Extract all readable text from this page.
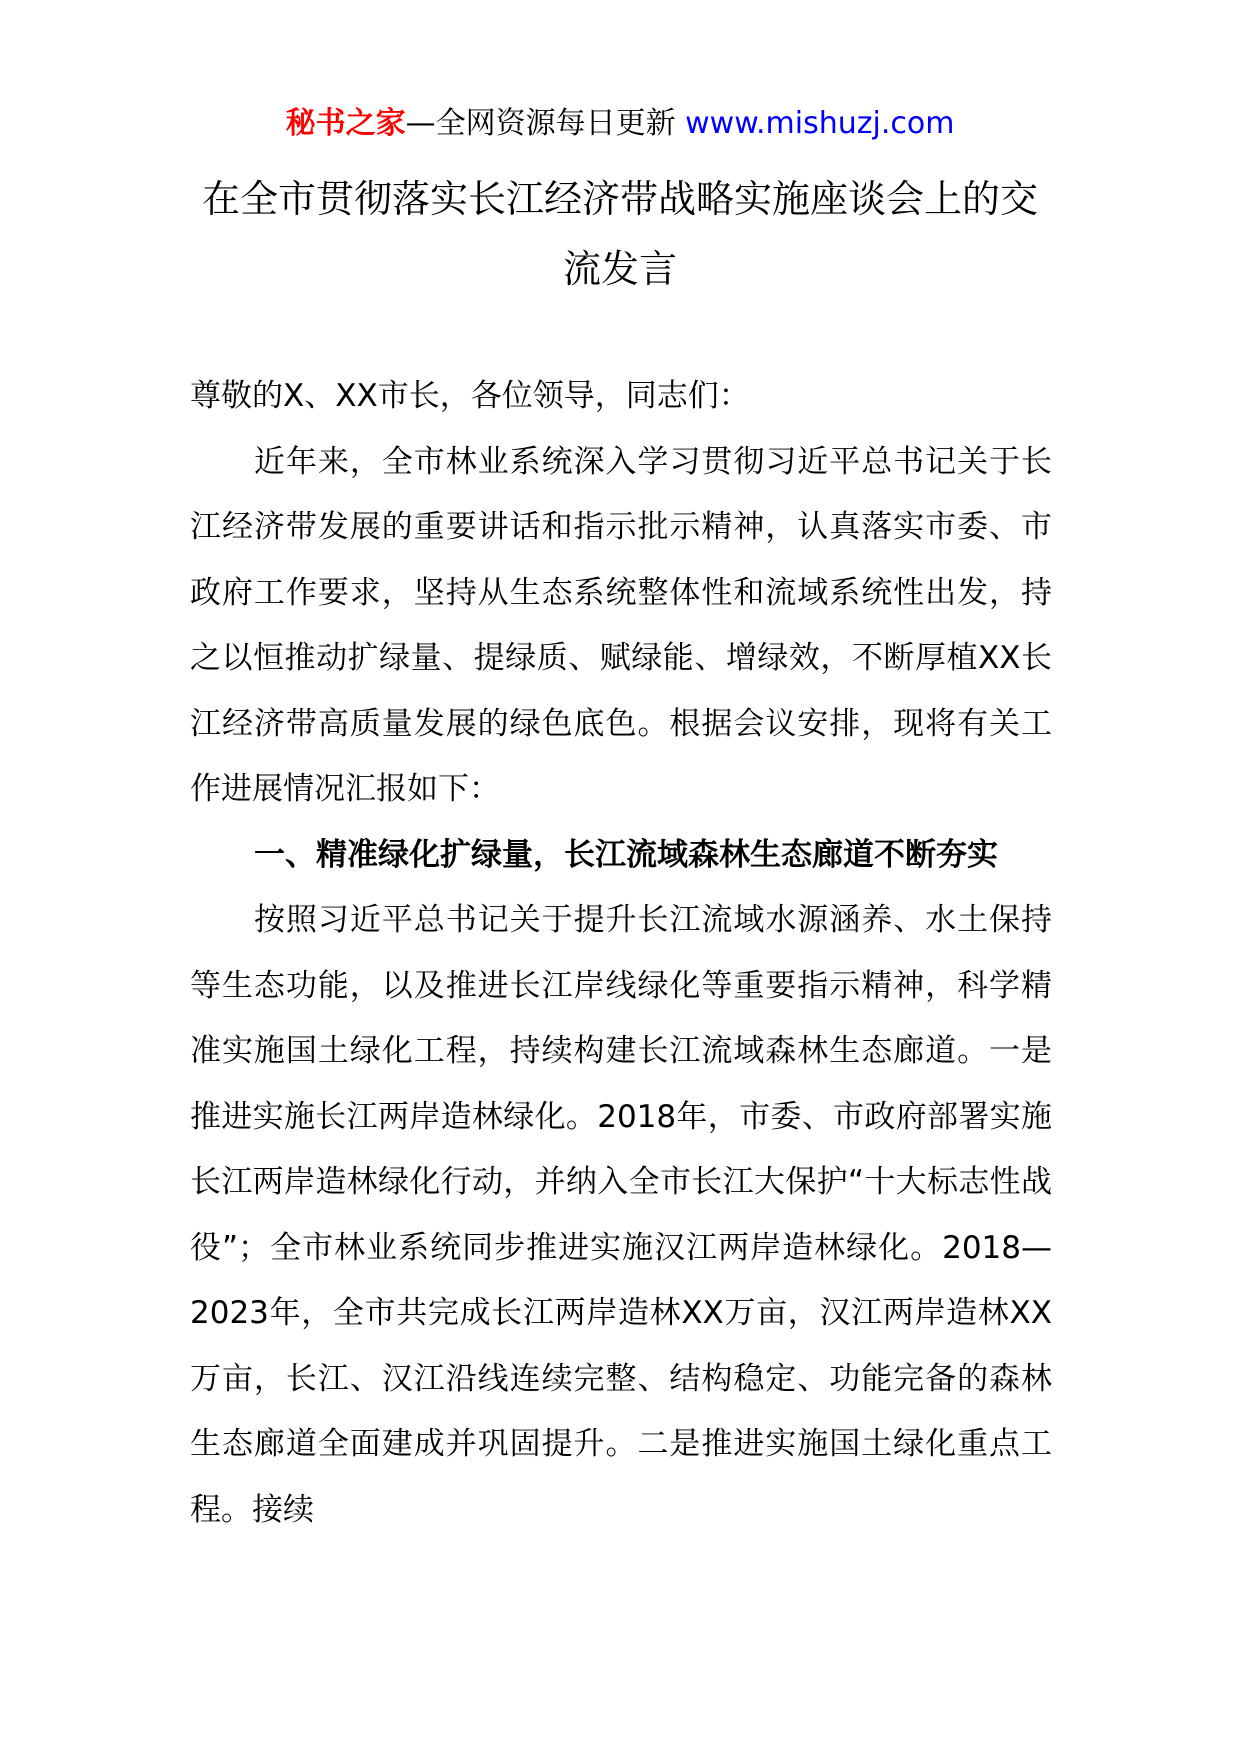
秘书之家—全网资源每日更新 www.mishuzj.com
在全市贯彻落实长江经济带战略实施座谈会上的交流发言

尊敬的X、XX市长，各位领导，同志们：

近年来，全市林业系统深入学习贯彻习近平总书记关于长江经济带发展的重要讲话和指示批示精神，认真落实市委、市政府工作要求，坚持从生态系统整体性和流域系统性出发，持之以恒推动扩绿量、提绿质、赋绿能、增绿效，不断厚植XX长江经济带高质量发展的绿色底色。根据会议安排，现将有关工作进展情况汇报如下：

一、精准绿化扩绿量，长江流域森林生态廊道不断夯实

按照习近平总书记关于提升长江流域水源涵养、水土保持等生态功能，以及推进长江岸线绿化等重要指示精神，科学精准实施国土绿化工程，持续构建长江流域森林生态廊道。一是推进实施长江两岸造林绿化。2018年，市委、市政府部署实施长江两岸造林绿化行动，并纳入全市长江大保护“十大标志性战役”；全市林业系统同步推进实施汉江两岸造林绿化。2018—2023年，全市共完成长江两岸造林XX万亩，汉江两岸造林XX万亩，长江、汉江沿线连续完整、结构稳定、功能完备的森林生态廊道全面建成并巩固提升。二是推进实施国土绿化重点工程。接续
